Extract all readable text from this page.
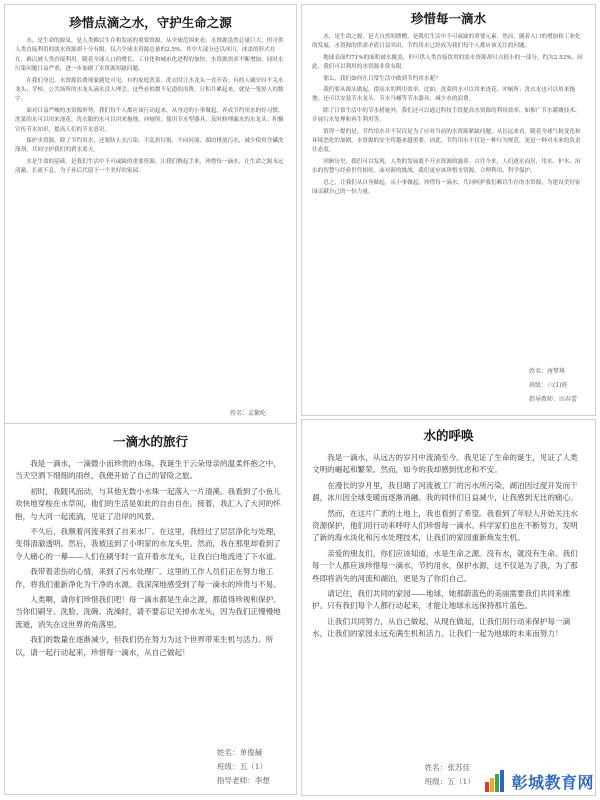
珍惜点滴之水，守护生命之源

水，是生命的源泉，是人类赖以生存和发展的重要资源。从全球范围来看，水资源虽然总量巨大，但可供人类直接利用的淡水资源却十分有限，仅占全球水资源总量的2.5%，其中大部分还以冰川、冰盖的形式存在，难以被人类直接利用。随着全球人口的增长、工业化和城市化进程的加快，水资源需求不断增加，同时水污染问题日益严重，进一步加剧了水资源短缺问题。

在我们身边，水资源浪费现象随处可见。有的家庭洗菜、洗衣时让水龙头一直开着；有的人刷牙时不关水龙头；学校、公共场所的水龙头滴水没人理会。这些看似微不足道的浪费，日积月累起来，就是一笔惊人的数字。

面对日益严峻的水资源形势，我们每个人都应该行动起来，从身边的小事做起，养成节约用水的好习惯。洗菜的水可以用来浇花，洗衣服的水可以用来拖地、冲厕所；使用节水型器具，及时修理漏水的水龙头；积极宣传节水知识，提高人们的节水意识。

保护水资源，除了节约用水，还要防止水污染。不乱扔垃圾，不向河流、湖泊排放污水，减少使用含磷洗涤剂，共同守护我们的碧水蓝天。

水是生命的基础，是我们生活中不可或缺的重要资源。让我们携起手来，珍惜每一滴水，让生命之源永远清澈、长流不息，为子孙后代留下一个美好的家园。

姓名：孟繁屹
珍惜每一滴水

水，是生命之源，是大自然的馈赠，是我们生活中不可或缺的重要元素。然而，随着人口的增加和工业化的发展，水资源的供需矛盾日益突出，节约用水已经成为我们每个人都应该关注的问题。

地球表面约71%的面积被水覆盖，但可供人类直接饮用的淡水资源却只占很小的一部分，约为2.53%。因此，我们可以利用的水资源非常有限。

那么，我们如何在日常生活中做到节约用水呢？

我们要从源头做起，提高水的利用效率。比如，洗菜的水可以用来浇花、冲厕所；洗衣水也可以用来拖地；还可以安装节水龙头、节水马桶等节水器具，减少水的浪费。

除了日常生活中的节水措施外，我们还可以通过科技手段提高水资源的利用效率，如推广节水灌溉技术、开展污水处理和再生利用等。

值得一提的是，节约用水并不仅仅是为了应对当前的水资源紧缺问题，从长远来看，随着全球气候变化和环境恶化的加剧，水资源的安全将越来越重要。因此，节约用水不仅是一种行为规范，更是一种对未来的负责任态度。

回顾历史，我们可以发现，人类的发展离不开水资源的滋养。古往今来，人们逐水而居，用水、护水、治水的智慧与经验世代相传。面对新的挑战，我们更应该珍惜水资源，合理利用，科学保护。

总之，让我们从自身做起，从小事做起，珍惜每一滴水，共同呵护我们赖以生存的水资源，为建设美好家园贡献自己的一份力量。

姓名：唐梦琪
班级：六(1)班
指导教师：田春蕾
一滴水的旅行

我是一滴水，一滴微小而珍贵的水珠。我诞生于云朵母亲的温柔怀抱之中，当天空洒下细细的雨丝，我便开始了自己的冒险之旅。

初时，我随风而动，与其他无数小水珠一起落入一片清溪。我看到了小鱼儿欢快地穿梭在水草间，他们的生活是如此的自由自在。接着，我汇入了大河的怀抱，与大河一起流淌，见证了沿岸的风景。

不久后，我顺着河流来到了自来水厂。在这里，我经过了层层净化与处理，变得清澈透明。然后，我被送到了小明家的水龙头里。然而，我在那里却看到了令人痛心的一幕——人们在刷牙时一直开着水龙头，让我白白地流进了下水道。

我带着悲伤的心情，来到了污水处理厂。这里的工作人员们正在努力地工作，将我们重新净化为干净的水源。我深深地感受到了每一滴水的珍贵与不易。

人类啊，请你们珍惜我们吧！每一滴水都是生命之源，都值得珍视和保护。当你们刷牙、洗脸、洗碗、洗澡时，请不要忘记关掉水龙头，因为我们正慢慢地流逝，消失在这世界的角落里。

我们的数量在逐渐减少，但我们仍在努力为这个世界带来生机与活力。所以，请一起行动起来，珍惜每一滴水，从自己做起！

姓名：单俊赫
班级：五（1）
指导老师：李想
水的呼唤

我是一滴水，从远古的岁月中流淌至今。我见证了生命的诞生，见证了人类文明的崛起和繁荣。然而，如今的我却感到忧虑和不安。

在漫长的岁月里，我目睹了河流被工厂的污水所污染，湖泊因过度开发而干涸，冰川因全球变暖而逐渐消融。我的同伴们日益减少，让我感到无比的痛心。

然而，在这片广袤的土地上，我也看到了希望。我看到了年轻人开始关注水资源保护，他们用行动来呼吁人们珍惜每一滴水。科学家们也在不断努力，发明了新的海水淡化和污水处理技术，让我们的家园重新焕发生机。

亲爱的朋友们，你们应该知道，水是生命之源。没有水，就没有生命。我们每一个人都应该珍惜每一滴水，节约用水，保护水源，这不仅是为了我，为了那些即将消失的河流和湖泊，更是为了你们自己。

请记住，我们共同的家园——地球，她那蔚蓝色的美丽需要我们共同来维护。只有我们每个人都行动起来，才能让地球永远保持那片蓝色。

让我们共同努力，从自己做起，从现在做起，让我们用行动来保护每一滴水，让我们的家园永远充满生机和活力。让我们一起为地球的未来而努力！

姓名：张苏佳
班级：五（1） 彰城教育网
